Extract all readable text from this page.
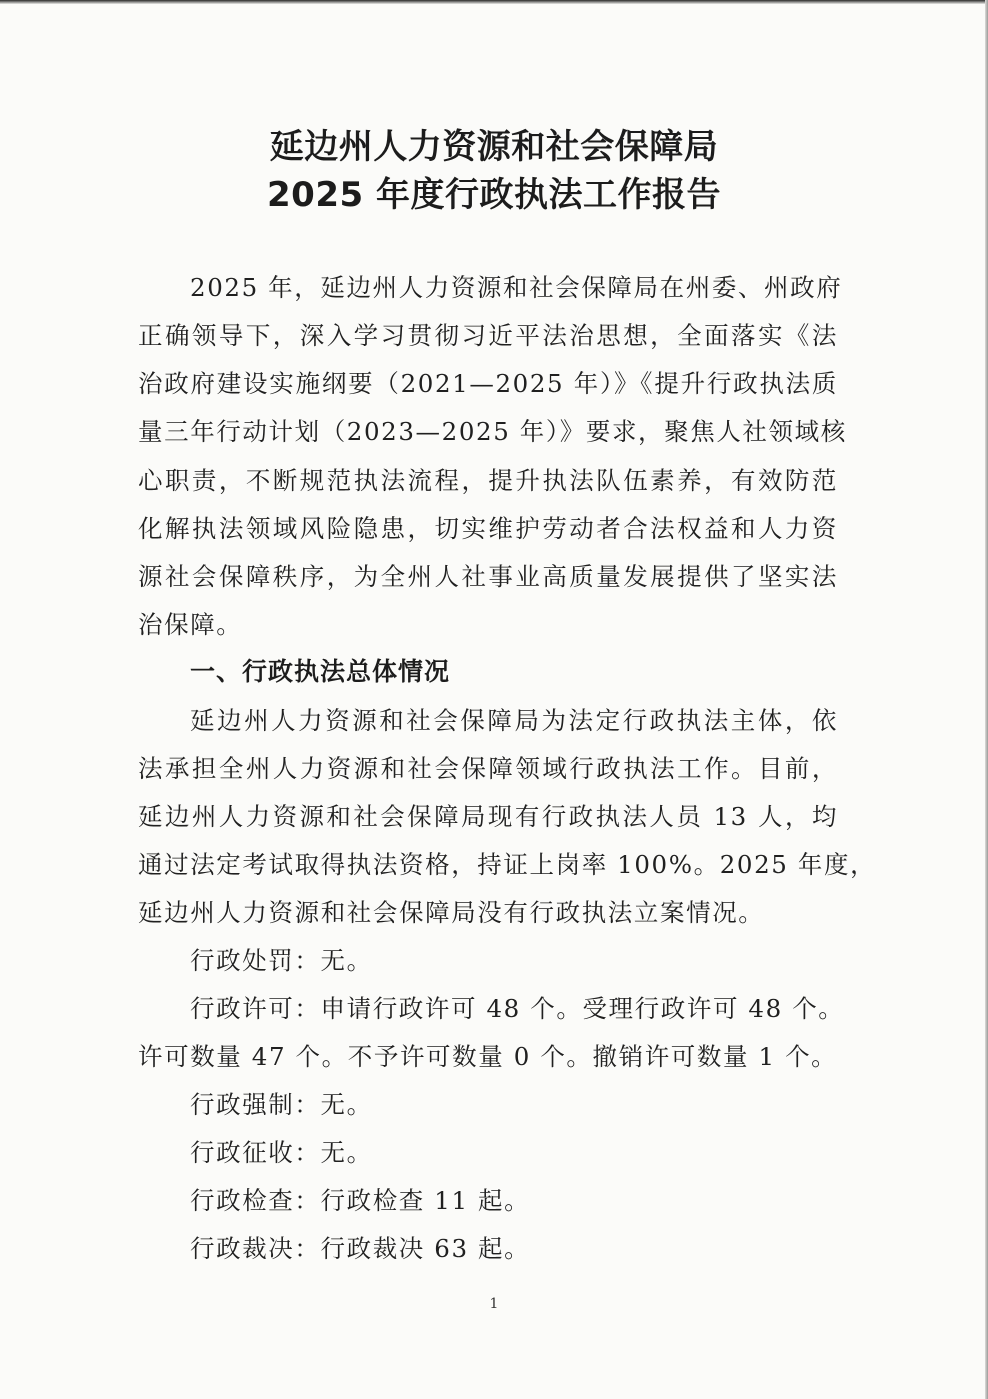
延边州人力资源和社会保障局
2025 年度行政执法工作报告
2025 年，延边州人力资源和社会保障局在州委、州政府
正确领导下，深入学习贯彻习近平法治思想，全面落实《法
治政府建设实施纲要（2021—2025 年）》《提升行政执法质
量三年行动计划（2023—2025 年）》要求，聚焦人社领域核
心职责，不断规范执法流程，提升执法队伍素养，有效防范
化解执法领域风险隐患，切实维护劳动者合法权益和人力资
源社会保障秩序，为全州人社事业高质量发展提供了坚实法
治保障。
一、行政执法总体情况
延边州人力资源和社会保障局为法定行政执法主体，依
法承担全州人力资源和社会保障领域行政执法工作。目前，
延边州人力资源和社会保障局现有行政执法人员 13 人，均
通过法定考试取得执法资格，持证上岗率 100%。2025 年度，
延边州人力资源和社会保障局没有行政执法立案情况。
行政处罚：无。
行政许可：申请行政许可 48 个。受理行政许可 48 个。
许可数量 47 个。不予许可数量 0 个。撤销许可数量 1 个。
行政强制：无。
行政征收：无。
行政检查：行政检查 11 起。
行政裁决：行政裁决 63 起。
1
